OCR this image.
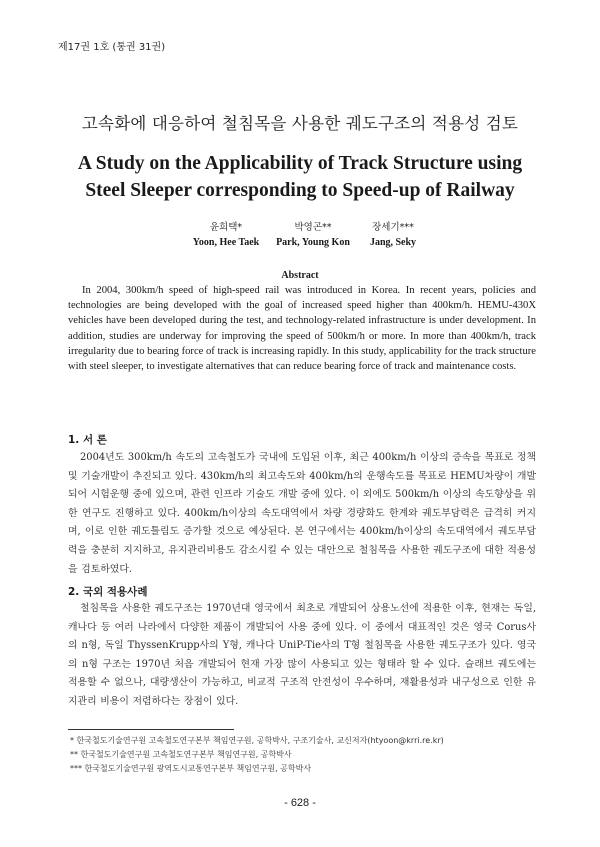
제17권 1호 (통권 31권)
고속화에 대응하여 철침목을 사용한 궤도구조의 적용성 검토
A Study on the Applicability of Track Structure using Steel Sleeper corresponding to Speed-up of Railway
윤희택*
Yoon, Hee Taek
박영곤**
Park, Young Kon
장세기***
Jang, Seky
Abstract
In 2004, 300km/h speed of high-speed rail was introduced in Korea. In recent years, policies and technologies are being developed with the goal of increased speed higher than 400km/h. HEMU-430X vehicles have been developed during the test, and technology-related infrastructure is under development. In addition, studies are underway for improving the speed of 500km/h or more. In more than 400km/h, track irregularity due to bearing force of track is increasing rapidly. In this study, applicability for the track structure with steel sleeper, to investigate alternatives that can reduce bearing force of track and maintenance costs.
1. 서 론
2004년도 300km/h 속도의 고속철도가 국내에 도입된 이후, 최근 400km/h 이상의 증속을 목표로 정책 및 기술개발이 추진되고 있다. 430km/h의 최고속도와 400km/h의 운행속도를 목표로 HEMU차량이 개발되어 시험운행 중에 있으며, 관련 인프라 기술도 개발 중에 있다. 이 외에도 500km/h 이상의 속도향상을 위한 연구도 진행하고 있다. 400km/h이상의 속도대역에서 차량 경량화도 한계와 궤도부담력은 급격히 커지며, 이로 인한 궤도틀림도 증가할 것으로 예상된다. 본 연구에서는 400km/h이상의 속도대역에서 궤도부담력을 충분히 지지하고, 유지관리비용도 감소시킬 수 있는 대안으로 철침목을 사용한 궤도구조에 대한 적용성을 검토하였다.
2. 국외 적용사례
철침목을 사용한 궤도구조는 1970년대 영국에서 최초로 개발되어 상용노선에 적용한 이후, 현재는 독일, 캐나다 등 여러 나라에서 다양한 제품이 개발되어 사용 중에 있다. 이 중에서 대표적인 것은 영국 Corus사의 n형, 독일 ThyssenKrupp사의 Y형, 캐나다 UniP-Tie사의 T형 철침목을 사용한 궤도구조가 있다. 영국의 n형 구조는 1970년 처음 개발되어 현재 가장 많이 사용되고 있는 형태라 할 수 있다. 슬래브 궤도에는 적용할 수 없으나, 대량생산이 가능하고, 비교적 구조적 안전성이 우수하며, 재활용성과 내구성으로 인한 유지관리 비용이 저렴하다는 장점이 있다.
* 한국철도기술연구원 고속철도연구본부 책임연구원, 공학박사, 구조기술사, 교신저자(htyoon@krri.re.kr)
** 한국철도기술연구원 고속철도연구본부 책임연구원, 공학박사
*** 한국철도기술연구원 광역도시교통연구본부 책임연구원, 공학박사
- 628 -
